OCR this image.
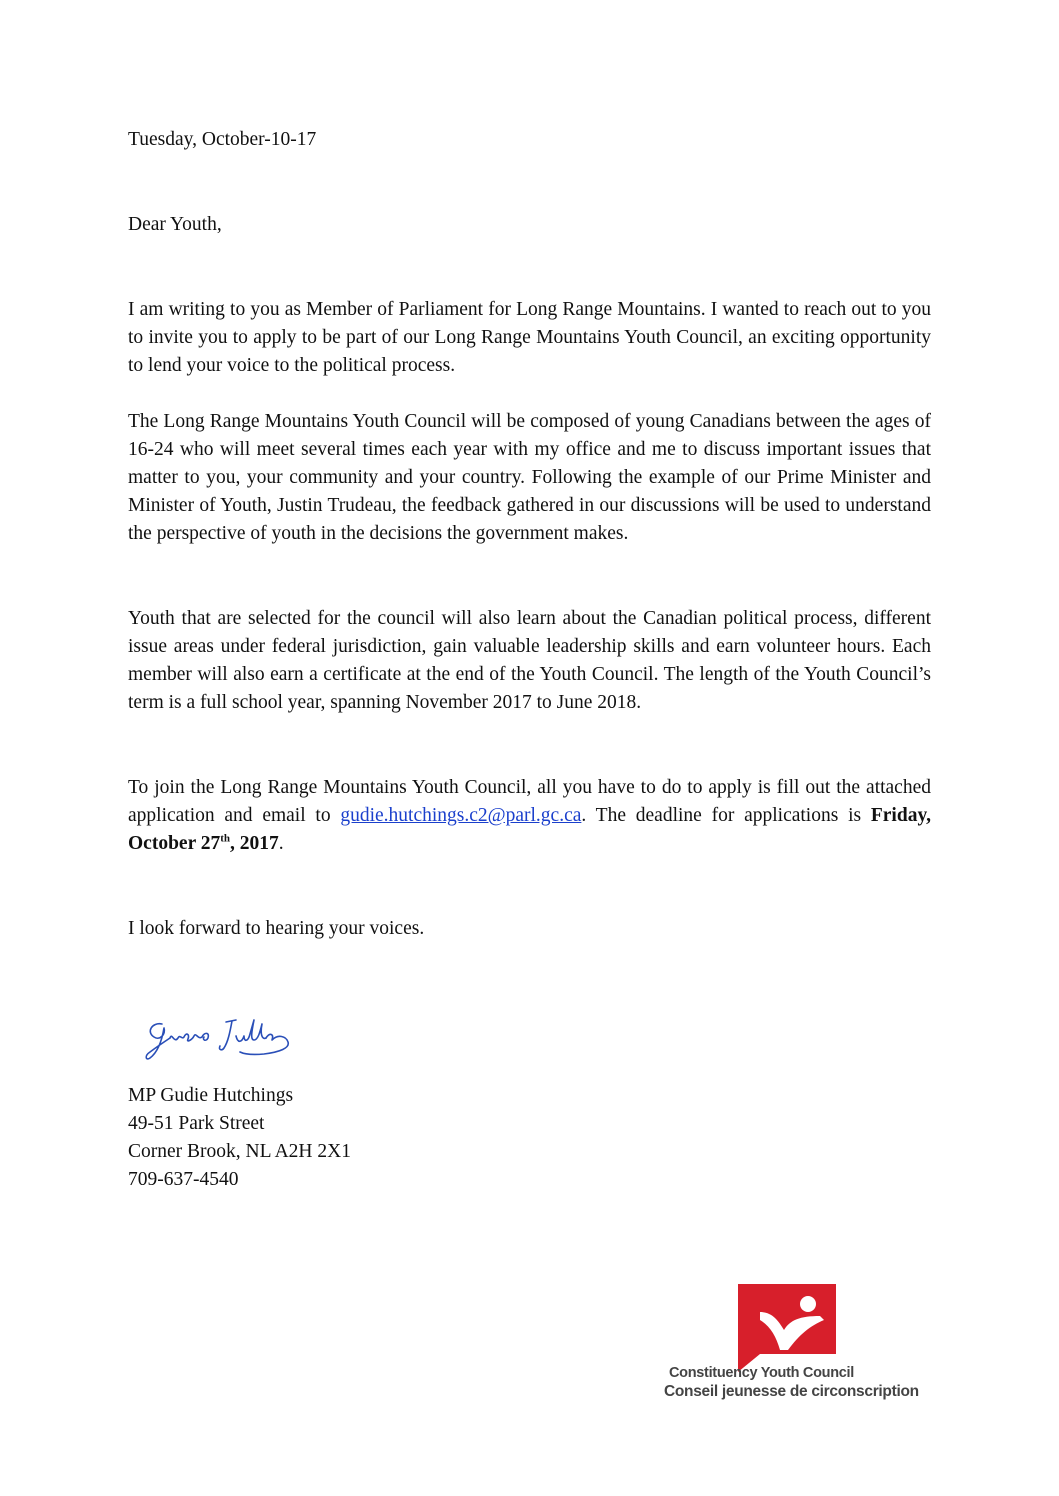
Tuesday, October-10-17
Dear Youth,

I am writing to you as Member of Parliament for Long Range Mountains. I wanted to reach out to you to invite you to apply to be part of our Long Range Mountains Youth Council, an exciting opportunity to lend your voice to the political process.

The Long Range Mountains Youth Council will be composed of young Canadians between the ages of 16-24 who will meet several times each year with my office and me to discuss important issues that matter to you, your community and your country. Following the example of our Prime Minister and Minister of Youth, Justin Trudeau, the feedback gathered in our discussions will be used to understand the perspective of youth in the decisions the government makes.

Youth that are selected for the council will also learn about the Canadian political process, different issue areas under federal jurisdiction, gain valuable leadership skills and earn volunteer hours. Each member will also earn a certificate at the end of the Youth Council. The length of the Youth Council’s term is a full school year, spanning November 2017 to June 2018.

To join the Long Range Mountains Youth Council, all you have to do to apply is fill out the attached application and email to gudie.hutchings.c2@parl.gc.ca. The deadline for applications is Friday, October 27th, 2017.

I look forward to hearing your voices.
Gudie Hutchings
MP Gudie Hutchings
49-51 Park Street
Corner Brook, NL A2H 2X1
709-637-4540
Constituency Youth Council
Conseil jeunesse de circonscription
